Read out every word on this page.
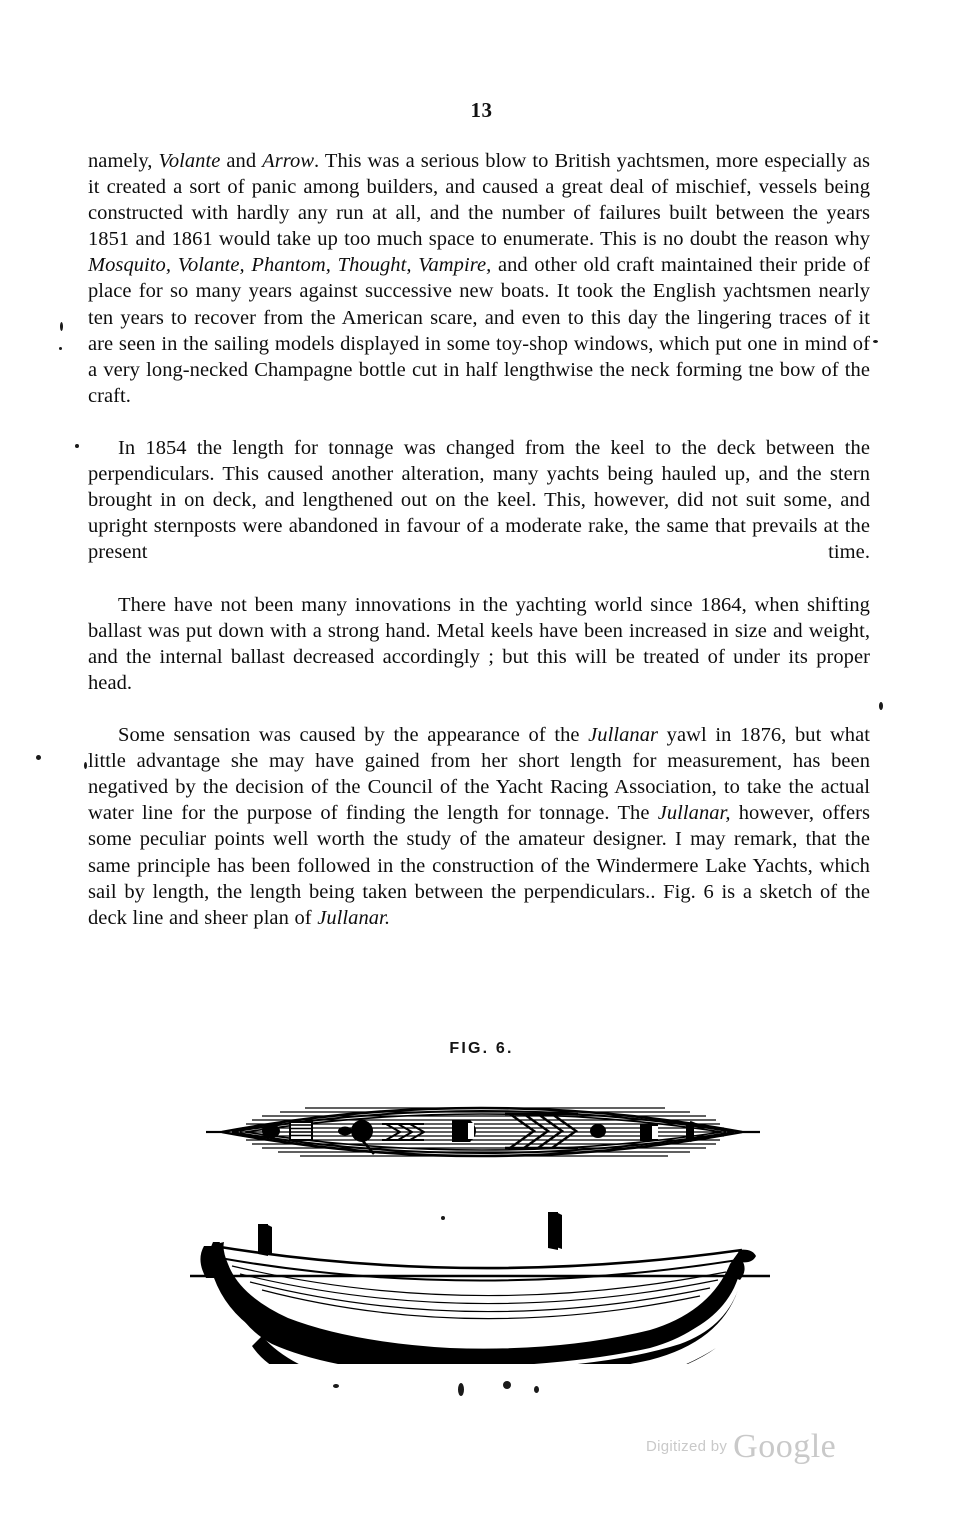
13

namely, Volante and Arrow. This was a serious blow to British yachtsmen, more especially as it created a sort of panic among builders, and caused a great deal of mischief, vessels being constructed with hardly any run at all, and the number of failures built between the years 1851 and 1861 would take up too much space to enumerate. This is no doubt the reason why Mosquito, Volante, Phantom, Thought, Vampire, and other old craft maintained their pride of place for so many years against successive new boats. It took the English yachtsmen nearly ten years to recover from the American scare, and even to this day the lingering traces of it are seen in the sailing models displayed in some toy-shop windows, which put one in mind of a very long-necked Champagne bottle cut in half lengthwise the neck forming tne bow of the craft.

In 1854 the length for tonnage was changed from the keel to the deck between the perpendiculars. This caused another alteration, many yachts being hauled up, and the stern brought in on deck, and lengthened out on the keel. This, however, did not suit some, and upright sternposts were abandoned in favour of a moderate rake, the same that prevails at the present time.

There have not been many innovations in the yachting world since 1864, when shifting ballast was put down with a strong hand. Metal keels have been increased in size and weight, and the internal ballast decreased accordingly ; but this will be treated of under its proper head.

Some sensation was caused by the appearance of the Jullanar yawl in 1876, but what little advantage she may have gained from her short length for measurement, has been negatived by the decision of the Council of the Yacht Racing Association, to take the actual water line for the purpose of finding the length for tonnage. The Jullanar, however, offers some peculiar points well worth the study of the amateur designer. I may remark, that the same principle has been followed in the construction of the Windermere Lake Yachts, which sail by length, the length being taken between the perpendiculars.. Fig. 6 is a sketch of the deck line and sheer plan of Jullanar.

FIG. 6.
Digitized by Google
